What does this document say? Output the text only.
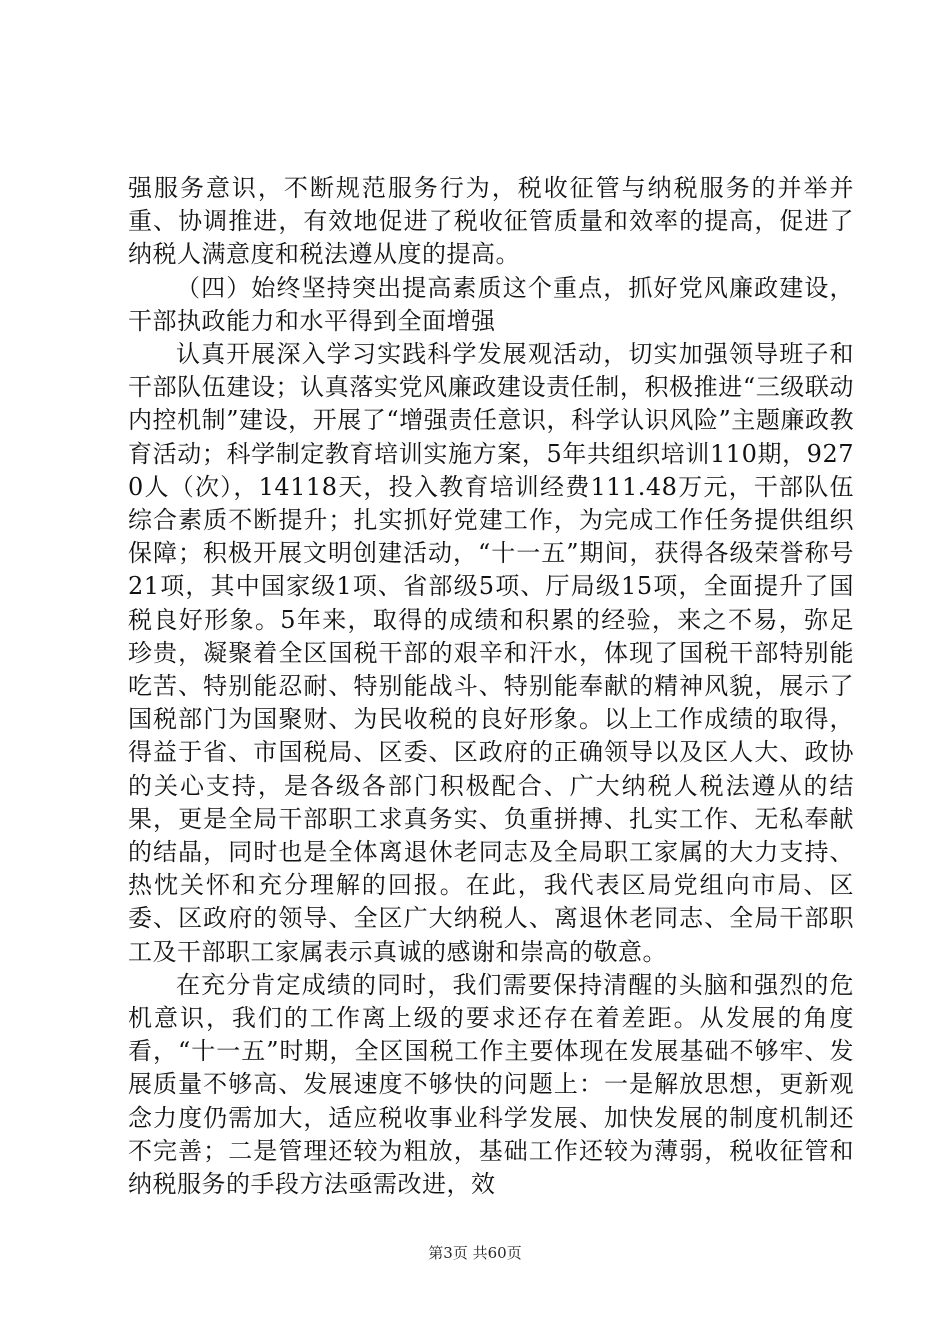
强服务意识，不断规范服务行为，税收征管与纳税服务的并举并重、协调推进，有效地促进了税收征管质量和效率的提高，促进了纳税人满意度和税法遵从度的提高。

（四）始终坚持突出提高素质这个重点，抓好党风廉政建设，干部执政能力和水平得到全面增强

认真开展深入学习实践科学发展观活动，切实加强领导班子和干部队伍建设；认真落实党风廉政建设责任制，积极推进“三级联动内控机制”建设，开展了“增强责任意识，科学认识风险”主题廉政教育活动；科学制定教育培训实施方案，5年共组织培训110期，9270人（次），14118天，投入教育培训经费111.48万元，干部队伍综合素质不断提升；扎实抓好党建工作，为完成工作任务提供组织保障；积极开展文明创建活动，“十一五”期间，获得各级荣誉称号21项，其中国家级1项、省部级5项、厅局级15项，全面提升了国税良好形象。5年来，取得的成绩和积累的经验，来之不易，弥足珍贵，凝聚着全区国税干部的艰辛和汗水，体现了国税干部特别能吃苦、特别能忍耐、特别能战斗、特别能奉献的精神风貌，展示了国税部门为国聚财、为民收税的良好形象。以上工作成绩的取得，得益于省、市国税局、区委、区政府的正确领导以及区人大、政协的关心支持，是各级各部门积极配合、广大纳税人税法遵从的结果，更是全局干部职工求真务实、负重拼搏、扎实工作、无私奉献的结晶，同时也是全体离退休老同志及全局职工家属的大力支持、热忱关怀和充分理解的回报。在此，我代表区局党组向市局、区委、区政府的领导、全区广大纳税人、离退休老同志、全局干部职工及干部职工家属表示真诚的感谢和崇高的敬意。

在充分肯定成绩的同时，我们需要保持清醒的头脑和强烈的危机意识，我们的工作离上级的要求还存在着差距。从发展的角度看，“十一五”时期，全区国税工作主要体现在发展基础不够牢、发展质量不够高、发展速度不够快的问题上：一是解放思想，更新观念力度仍需加大，适应税收事业科学发展、加快发展的制度机制还不完善；二是管理还较为粗放，基础工作还较为薄弱，税收征管和纳税服务的手段方法亟需改进，效

第3页 共60页
